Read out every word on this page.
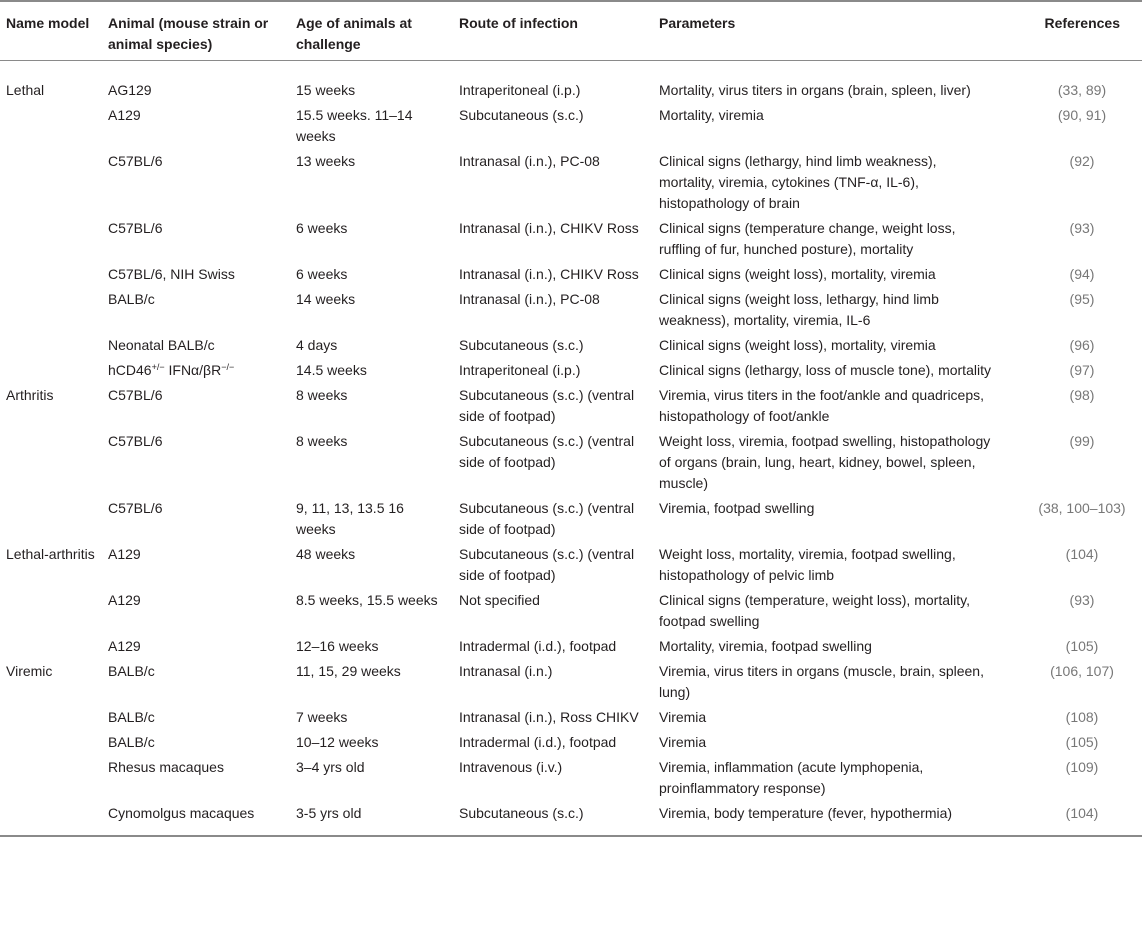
Name model	Animal (mouse strain or animal species)	Age of animals at challenge	Route of infection	Parameters	References
Lethal	AG129	15 weeks	Intraperitoneal (i.p.)	Mortality, virus titers in organs (brain, spleen, liver)	(33, 89)
	A129	15.5 weeks. 11–14 weeks	Subcutaneous (s.c.)	Mortality, viremia	(90, 91)
	C57BL/6	13 weeks	Intranasal (i.n.), PC-08	Clinical signs (lethargy, hind limb weakness), mortality, viremia, cytokines (TNF-α, IL-6), histopathology of brain	(92)
	C57BL/6	6 weeks	Intranasal (i.n.), CHIKV Ross	Clinical signs (temperature change, weight loss, ruffling of fur, hunched posture), mortality	(93)
	C57BL/6, NIH Swiss	6 weeks	Intranasal (i.n.), CHIKV Ross	Clinical signs (weight loss), mortality, viremia	(94)
	BALB/c	14 weeks	Intranasal (i.n.), PC-08	Clinical signs (weight loss, lethargy, hind limb weakness), mortality, viremia, IL-6	(95)
	Neonatal BALB/c	4 days	Subcutaneous (s.c.)	Clinical signs (weight loss), mortality, viremia	(96)
	hCD46+/− IFNα/βR−/−	14.5 weeks	Intraperitoneal (i.p.)	Clinical signs (lethargy, loss of muscle tone), mortality	(97)
Arthritis	C57BL/6	8 weeks	Subcutaneous (s.c.) (ventral side of footpad)	Viremia, virus titers in the foot/ankle and quadriceps, histopathology of foot/ankle	(98)
	C57BL/6	8 weeks	Subcutaneous (s.c.) (ventral side of footpad)	Weight loss, viremia, footpad swelling, histopathology of organs (brain, lung, heart, kidney, bowel, spleen, muscle)	(99)
	C57BL/6	9, 11, 13, 13.5 16 weeks	Subcutaneous (s.c.) (ventral side of footpad)	Viremia, footpad swelling	(38, 100–103)
Lethal-arthritis	A129	48 weeks	Subcutaneous (s.c.) (ventral side of footpad)	Weight loss, mortality, viremia, footpad swelling, histopathology of pelvic limb	(104)
	A129	8.5 weeks, 15.5 weeks	Not specified	Clinical signs (temperature, weight loss), mortality, footpad swelling	(93)
	A129	12–16 weeks	Intradermal (i.d.), footpad	Mortality, viremia, footpad swelling	(105)
Viremic	BALB/c	11, 15, 29 weeks	Intranasal (i.n.)	Viremia, virus titers in organs (muscle, brain, spleen, lung)	(106, 107)
	BALB/c	7 weeks	Intranasal (i.n.), Ross CHIKV	Viremia	(108)
	BALB/c	10–12 weeks	Intradermal (i.d.), footpad	Viremia	(105)
	Rhesus macaques	3–4 yrs old	Intravenous (i.v.)	Viremia, inflammation (acute lymphopenia, proinflammatory response)	(109)
	Cynomolgus macaques	3-5 yrs old	Subcutaneous (s.c.)	Viremia, body temperature (fever, hypothermia)	(104)
